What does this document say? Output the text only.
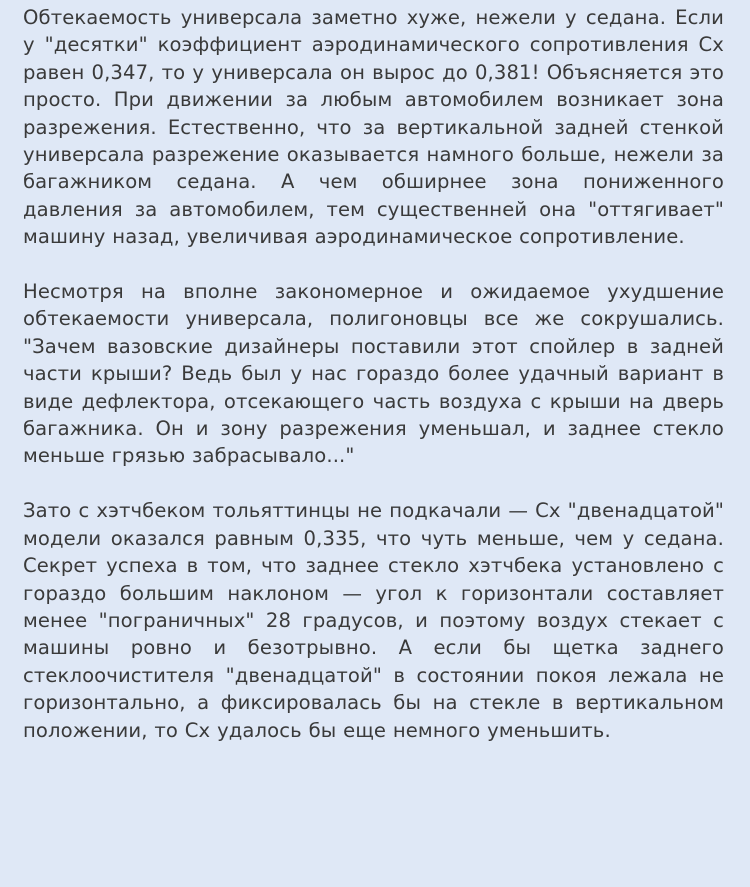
Обтекаемость универсала заметно хуже, нежели у седана. Если у "десятки" коэффициент аэродинамического сопротивления Cx равен 0,347, то у универсала он вырос до 0,381! Объясняется это просто. При движении за любым автомобилем возникает зона разрежения. Естественно, что за вертикальной задней стенкой универсала разрежение оказывается намного больше, нежели за багажником седана. А чем обширнее зона пониженного давления за автомобилем, тем существенней она "оттягивает" машину назад, увеличивая аэродинамическое сопротивление.

Несмотря на вполне закономерное и ожидаемое ухудшение обтекаемости универсала, полигоновцы все же сокрушались. "Зачем вазовские дизайнеры поставили этот спойлер в задней части крыши? Ведь был у нас гораздо более удачный вариант в виде дефлектора, отсекающего часть воздуха с крыши на дверь багажника. Он и зону разрежения уменьшал, и заднее стекло меньше грязью забрасывало..."

Зато с хэтчбеком тольяттинцы не подкачали — Cx "двенадцатой" модели оказался равным 0,335, что чуть меньше, чем у седана. Секрет успеха в том, что заднее стекло хэтчбека установлено с гораздо большим наклоном — угол к горизонтали составляет менее "пограничных" 28 градусов, и поэтому воздух стекает с машины ровно и безотрывно. А если бы щетка заднего стеклоочистителя "двенадцатой" в состоянии покоя лежала не горизонтально, а фиксировалась бы на стекле в вертикальном положении, то Cx удалось бы еще немного уменьшить.
